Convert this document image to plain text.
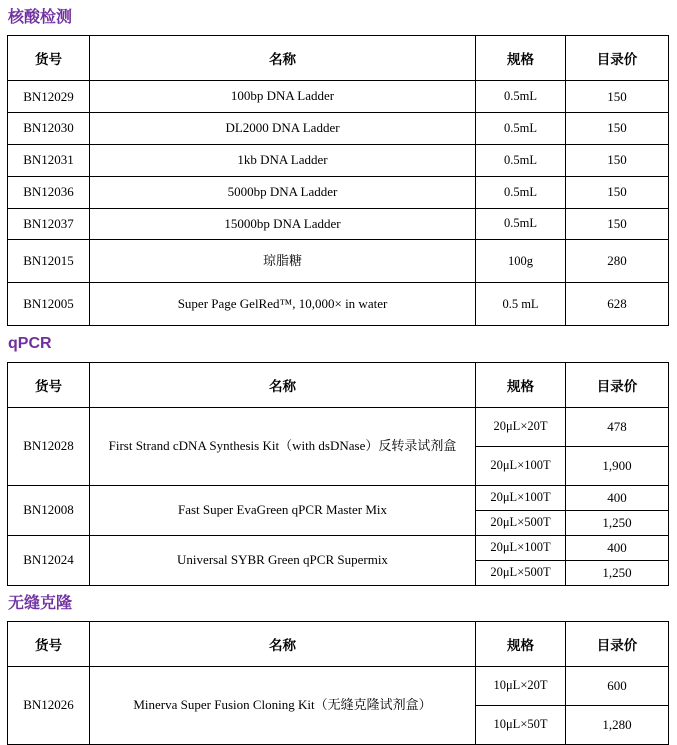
核酸检测
货号	名称	规格	目录价
BN12029	100bp DNA Ladder	0.5mL	150
BN12030	DL2000 DNA Ladder	0.5mL	150
BN12031	1kb DNA Ladder	0.5mL	150
BN12036	5000bp DNA Ladder	0.5mL	150
BN12037	15000bp DNA Ladder	0.5mL	150
BN12015	琼脂糖	100g	280
BN12005	Super Page GelRed™, 10,000× in water	0.5 mL	628
qPCR
货号	名称	规格	目录价
BN12028	First Strand cDNA Synthesis Kit（with dsDNase）反转录试剂盒	20μL×20T	478
		20μL×100T	1,900
BN12008	Fast Super EvaGreen qPCR Master Mix	20μL×100T	400
		20μL×500T	1,250
BN12024	Universal SYBR Green qPCR Supermix	20μL×100T	400
		20μL×500T	1,250
无缝克隆
货号	名称	规格	目录价
BN12026	Minerva Super Fusion Cloning Kit（无缝克隆试剂盒）	10μL×20T	600
		10μL×50T	1,280
